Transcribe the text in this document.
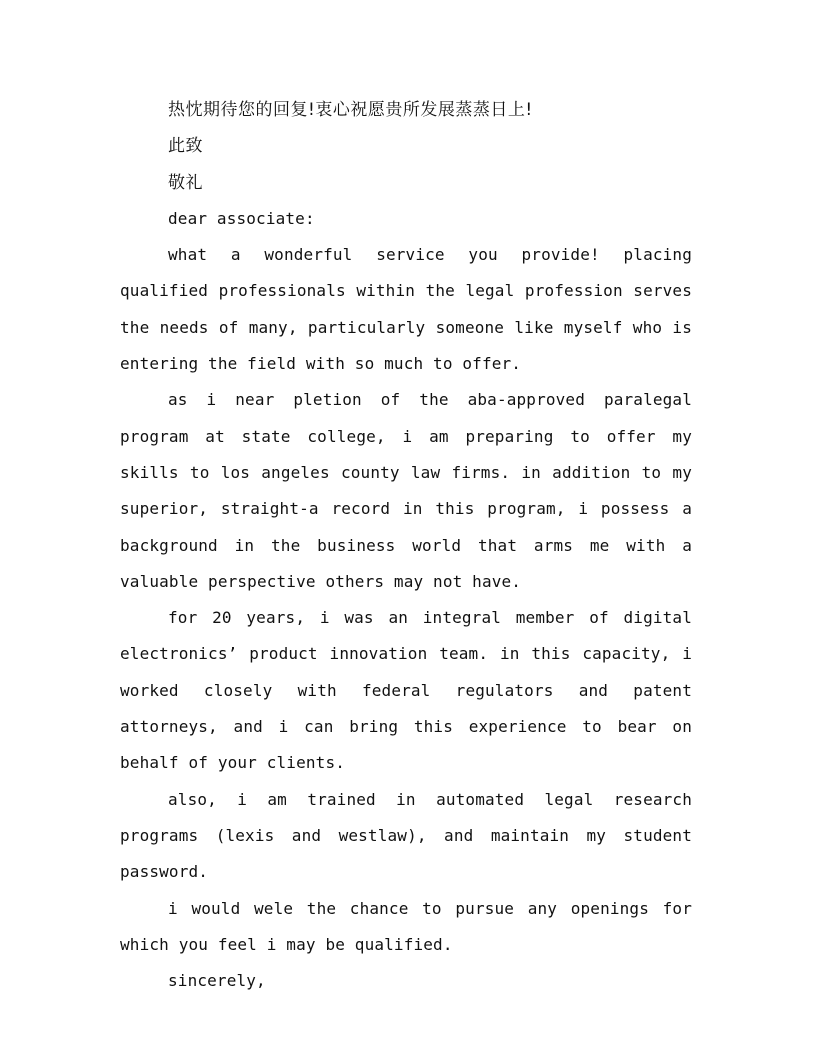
热忱期待您的回复!衷心祝愿贵所发展蒸蒸日上!

此致

敬礼

dear associate:

what a wonderful service you provide! placing qualified professionals within the legal profession serves the needs of many, particularly someone like myself who is entering the field with so much to offer.

as i near pletion of the aba-approved paralegal program at state college, i am preparing to offer my skills to los angeles county law firms. in addition to my superior, straight-a record in this program, i possess a background in the business world that arms me with a valuable perspective others may not have.

for 20 years, i was an integral member of digital electronics’ product innovation team. in this capacity, i worked closely with federal regulators and patent attorneys, and i can bring this experience to bear on behalf of your clients.

also, i am trained in automated legal research programs (lexis and westlaw), and maintain my student password.

i would wele the chance to pursue any openings for which you feel i may be qualified.

sincerely,
